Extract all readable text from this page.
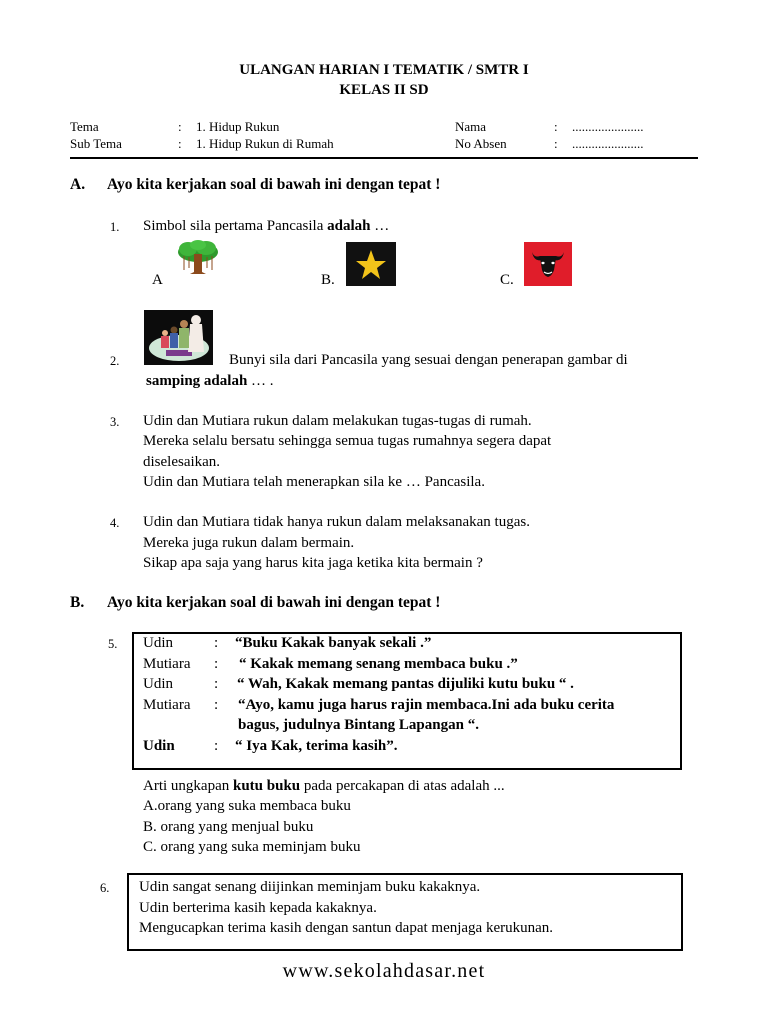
ULANGAN HARIAN I TEMATIK / SMTR I
KELAS II SD
Tema	: 1. Hidup Rukun	Nama	: ......................
Sub Tema	: 1. Hidup Rukun di Rumah	No Absen	: ......................
A. Ayo kita kerjakan soal di bawah ini dengan tepat !
1. Simbol sila pertama Pancasila adalah …
A	B.	C.
2.	Bunyi sila dari Pancasila yang sesuai dengan penerapan gambar di
samping adalah … .
3. Udin dan Mutiara rukun dalam melakukan tugas-tugas di rumah.
Mereka selalu bersatu sehingga semua tugas rumahnya segera dapat
diselesaikan.
Udin dan Mutiara telah menerapkan sila ke … Pancasila.
4. Udin dan Mutiara tidak hanya rukun dalam melaksanakan tugas.
Mereka juga rukun dalam bermain.
Sikap apa saja yang harus kita jaga ketika kita bermain ?
B. Ayo kita kerjakan soal di bawah ini dengan tepat !
5. Udin	: “Buku Kakak banyak sekali .”
Mutiara : “ Kakak memang senang membaca buku .”
Udin	: “ Wah, Kakak memang pantas dijuliki kutu buku “ .
Mutiara : “Ayo, kamu juga harus rajin membaca.Ini ada buku cerita
bagus, judulnya Bintang Lapangan “.
Udin	: “ Iya Kak, terima kasih”.
Arti ungkapan kutu buku pada percakapan di atas adalah ...
A.orang yang suka membaca buku
B. orang yang menjual buku
C. orang yang suka meminjam buku
6. Udin sangat senang diijinkan meminjam buku kakaknya.
Udin berterima kasih kepada kakaknya.
Mengucapkan terima kasih dengan santun dapat menjaga kerukunan.
www.sekolahdasar.net
